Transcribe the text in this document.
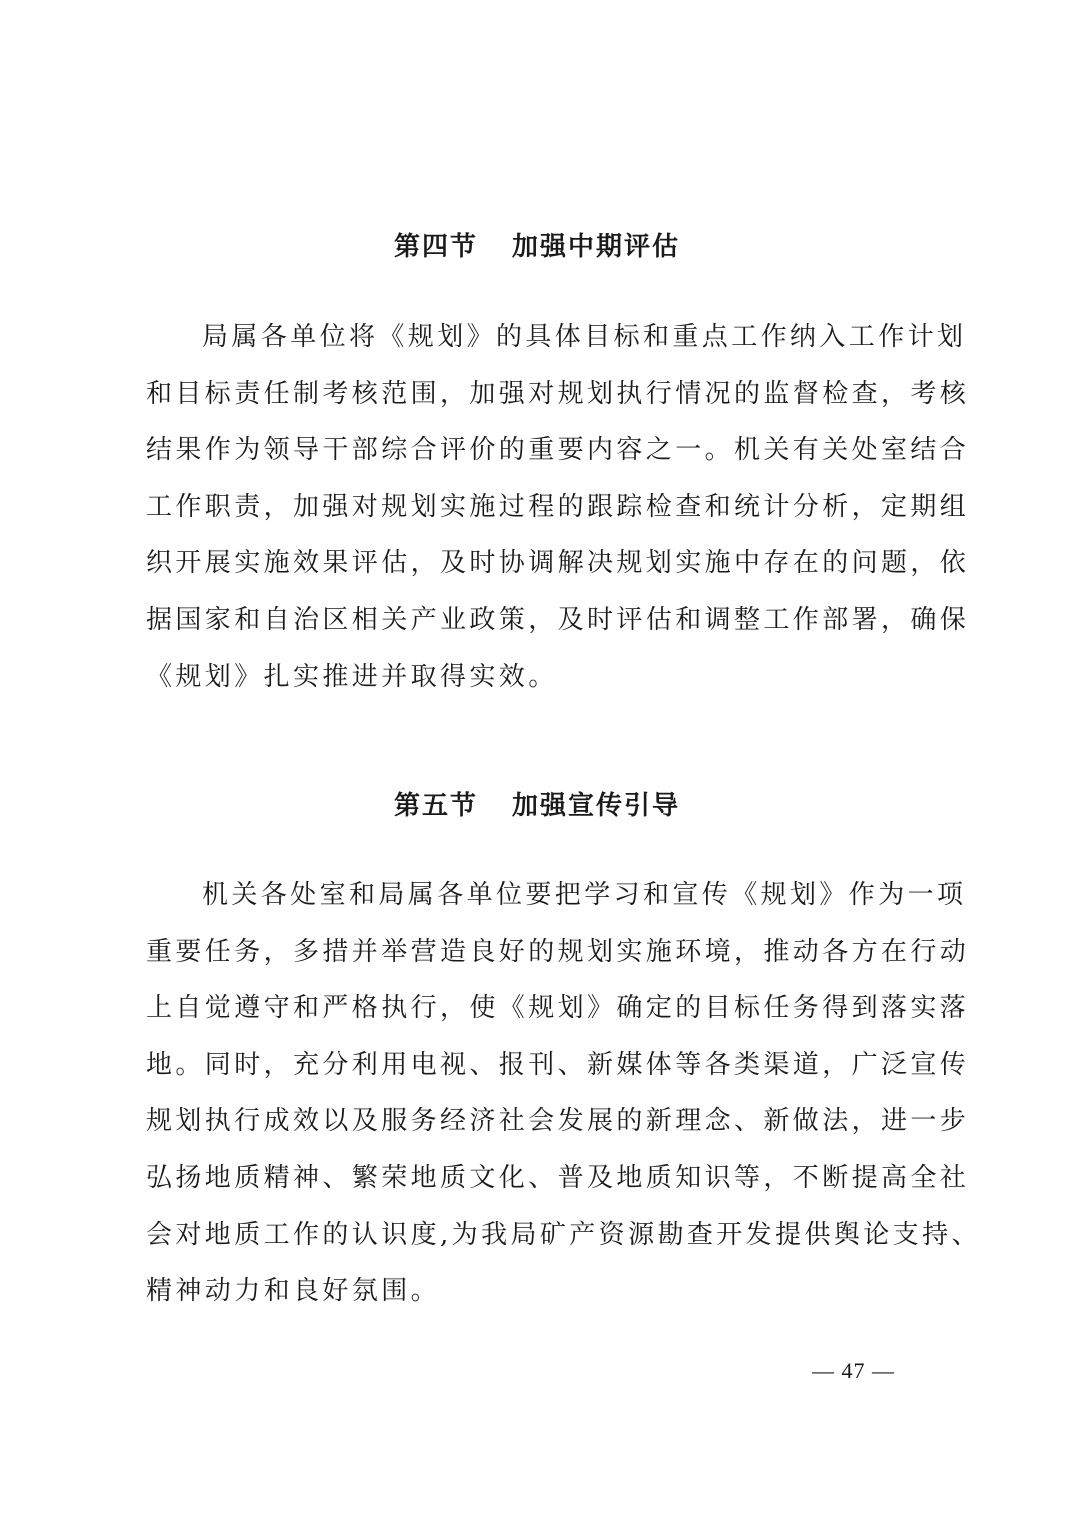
第四节 加强中期评估
局属各单位将《规划》的具体目标和重点工作纳入工作计划
和目标责任制考核范围，加强对规划执行情况的监督检查，考核
结果作为领导干部综合评价的重要内容之一。机关有关处室结合
工作职责，加强对规划实施过程的跟踪检查和统计分析，定期组
织开展实施效果评估，及时协调解决规划实施中存在的问题，依
据国家和自治区相关产业政策，及时评估和调整工作部署，确保
《规划》扎实推进并取得实效。
第五节 加强宣传引导
机关各处室和局属各单位要把学习和宣传《规划》作为一项
重要任务，多措并举营造良好的规划实施环境，推动各方在行动
上自觉遵守和严格执行，使《规划》确定的目标任务得到落实落
地。同时，充分利用电视、报刊、新媒体等各类渠道，广泛宣传
规划执行成效以及服务经济社会发展的新理念、新做法，进一步
弘扬地质精神、繁荣地质文化、普及地质知识等，不断提高全社
会对地质工作的认识度,为我局矿产资源勘查开发提供舆论支持、
精神动力和良好氛围。
— 47 —
